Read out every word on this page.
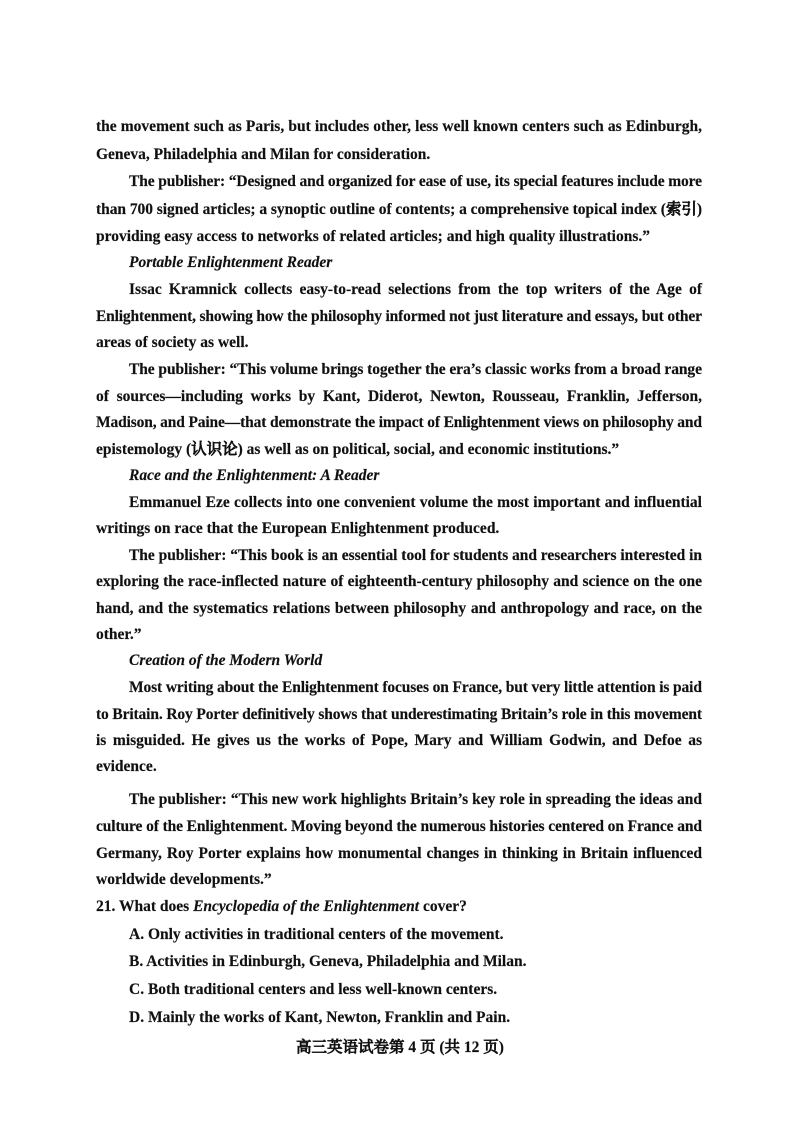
the movement such as Paris, but includes other, less well known centers such as Edinburgh,
Geneva, Philadelphia and Milan for consideration.
The publisher: “Designed and organized for ease of use, its special features include more
than 700 signed articles; a synoptic outline of contents; a comprehensive topical index (索引)
providing easy access to networks of related articles; and high quality illustrations.”
Portable Enlightenment Reader
Issac Kramnick collects easy-to-read selections from the top writers of the Age of
Enlightenment, showing how the philosophy informed not just literature and essays, but other
areas of society as well.
The publisher: “This volume brings together the era’s classic works from a broad range
of sources—including works by Kant, Diderot, Newton, Rousseau, Franklin, Jefferson,
Madison, and Paine—that demonstrate the impact of Enlightenment views on philosophy and
epistemology (认识论) as well as on political, social, and economic institutions.”
Race and the Enlightenment: A Reader
Emmanuel Eze collects into one convenient volume the most important and influential
writings on race that the European Enlightenment produced.
The publisher: “This book is an essential tool for students and researchers interested in
exploring the race-inflected nature of eighteenth-century philosophy and science on the one
hand, and the systematics relations between philosophy and anthropology and race, on the
other.”
Creation of the Modern World
Most writing about the Enlightenment focuses on France, but very little attention is paid
to Britain. Roy Porter definitively shows that underestimating Britain’s role in this movement
is misguided. He gives us the works of Pope, Mary and William Godwin, and Defoe as
evidence.
The publisher: “This new work highlights Britain’s key role in spreading the ideas and
culture of the Enlightenment. Moving beyond the numerous histories centered on France and
Germany, Roy Porter explains how monumental changes in thinking in Britain influenced
worldwide developments.”
21. What does Encyclopedia of the Enlightenment cover?
A. Only activities in traditional centers of the movement.
B. Activities in Edinburgh, Geneva, Philadelphia and Milan.
C. Both traditional centers and less well-known centers.
D. Mainly the works of Kant, Newton, Franklin and Pain.
高三英语试卷第 4 页 (共 12 页)
